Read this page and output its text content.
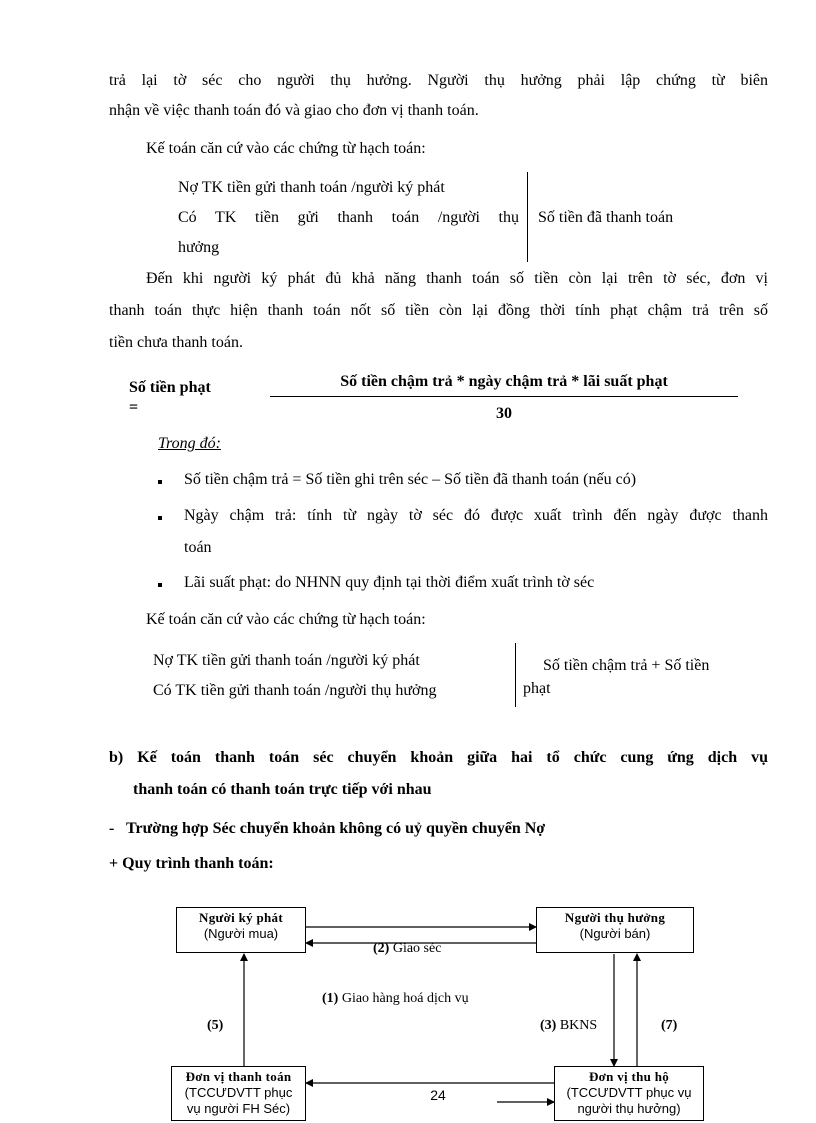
trả lại tờ séc cho người thụ hưởng. Người thụ hưởng phải lập chứng từ biên
nhận về việc thanh toán đó và giao cho đơn vị thanh toán.
Kế toán căn cứ vào các chứng từ hạch toán:
Nợ TK tiền gửi thanh toán /người ký phát
Có TK tiền gửi thanh toán /người thụ
hưởng
Số tiền đã thanh toán
Đến khi người ký phát đủ khả năng thanh toán số tiền còn lại trên tờ séc, đơn vị
thanh toán thực hiện thanh toán nốt số tiền còn lại đồng thời tính phạt chậm trả trên số
tiền chưa thanh toán.
Số tiền phạt
=
Số tiền chậm trả * ngày chậm trả * lãi suất phạt
30
Trong đó:
Số tiền chậm trả = Số tiền ghi trên séc – Số tiền đã thanh toán (nếu có)
Ngày chậm trả: tính từ ngày tờ séc đó được xuất trình đến ngày được thanh
toán
Lãi suất phạt: do NHNN quy định tại thời điểm xuất trình tờ séc
Kế toán căn cứ vào các chứng từ hạch toán:
Nợ TK tiền gửi thanh toán /người ký phát
Có TK tiền gửi thanh toán /người thụ hưởng
Số tiền chậm trả + Số tiền
phạt
b) Kế toán thanh toán séc chuyển khoản giữa hai tổ chức cung ứng dịch vụ
thanh toán có thanh toán trực tiếp với nhau
-   Trường hợp Séc chuyển khoản không có uỷ quyền chuyển Nợ
+ Quy trình thanh toán:
Người ký phát
(Người mua)
Người thụ hưởng
(Người bán)
Đơn vị thanh toán
(TCCƯDVTT phục
vụ người FH Séc)
Đơn vị thu hộ
(TCCƯDVTT phục vụ
người thụ hưởng)
(2) Giao séc
(1) Giao hàng hoá dịch vụ
(3) BKNS
(5)	(7)
24
